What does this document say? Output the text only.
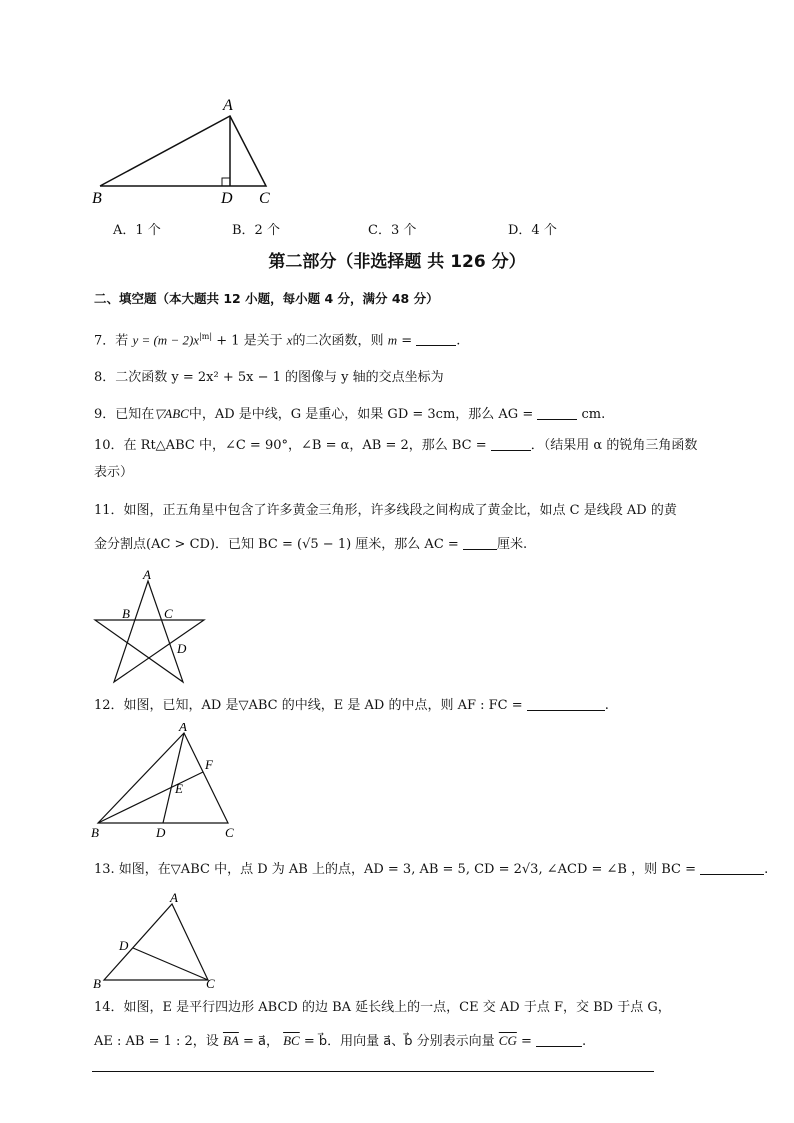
A
B	D C
A．1 个	B．2 个	C．3 个	D．4 个
第二部分（非选择题 共 126 分）
二、填空题（本大题共 12 小题，每小题 4 分，满分 48 分）
7．若 $y = (m - 2)x^{|m|} + 1$ 是关于 x的二次函数，则 m =	.
8．二次函数 y = 2x² + 5x − 1 的图像与 y 轴的交点坐标为
9．已知在▽ABC中，AD 是中线，G 是重心，如果 GD = 3cm，那么 AG =	cm.
10．在 Rt△ABC 中，∠C = 90°，∠B = α，AB = 2，那么 BC =	．（结果用 α 的锐角三角函数
表示）
11．如图，正五角星中包含了许多黄金三角形，许多线段之间构成了黄金比，如点 C 是线段 AD 的黄
金分割点(AC > CD)．已知 BC = (√5 − 1) 厘米，那么 AC =	厘米.
A
B	C
D
12．如图，已知，AD 是▽ABC 的中线，E 是 AD 的中点，则 AF : FC =	.
A
F
E
B	D	C
13. 如图，在▽ABC 中，点 D 为 AB 上的点，AD = 3, AB = 5, CD = 2√3, ∠ACD = ∠B ，则 BC =	.
A
D
B	C
14．如图，E 是平行四边形 ABCD 的边 BA 延长线上的一点，CE 交 AD 于点 F，交 BD 于点 G，
AE : AB = 1 : 2，设 $\overline{BA}$ = a⃗， $\overline{BC}$ = b⃗．用向量 a⃗、b⃗ 分别表示向量 $\overline{CG}$ =	.
